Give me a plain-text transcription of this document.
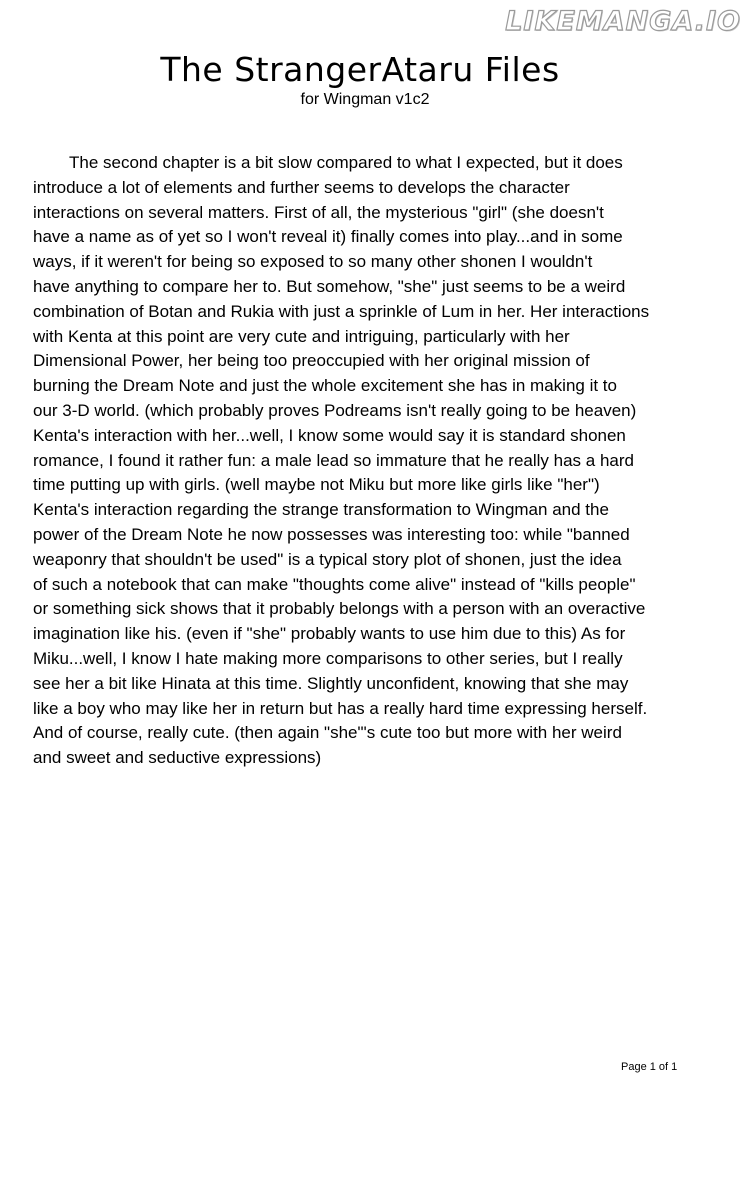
LIKEMANGA.IO
The StrangerAtaru Files
for Wingman v1c2
The second chapter is a bit slow compared to what I expected, but it does
introduce a lot of elements and further seems to develops the character
interactions on several matters. First of all, the mysterious "girl" (she doesn't
have a name as of yet so I won't reveal it) finally comes into play...and in some
ways, if it weren't for being so exposed to so many other shonen I wouldn't
have anything to compare her to. But somehow, "she" just seems to be a weird
combination of Botan and Rukia with just a sprinkle of Lum in her. Her interactions
with Kenta at this point are very cute and intriguing, particularly with her
Dimensional Power, her being too preoccupied with her original mission of
burning the Dream Note and just the whole excitement she has in making it to
our 3-D world. (which probably proves Podreams isn't really going to be heaven)
Kenta's interaction with her...well, I know some would say it is standard shonen
romance, I found it rather fun: a male lead so immature that he really has a hard
time putting up with girls. (well maybe not Miku but more like girls like "her")
Kenta's interaction regarding the strange transformation to Wingman and the
power of the Dream Note he now possesses was interesting too: while "banned
weaponry that shouldn't be used" is a typical story plot of shonen, just the idea
of such a notebook that can make "thoughts come alive" instead of "kills people"
or something sick shows that it probably belongs with a person with an overactive
imagination like his. (even if "she" probably wants to use him due to this) As for
Miku...well, I know I hate making more comparisons to other series, but I really
see her a bit like Hinata at this time. Slightly unconfident, knowing that she may
like a boy who may like her in return but has a really hard time expressing herself.
And of course, really cute. (then again "she"'s cute too but more with her weird
and sweet and seductive expressions)
Page 1 of 1
